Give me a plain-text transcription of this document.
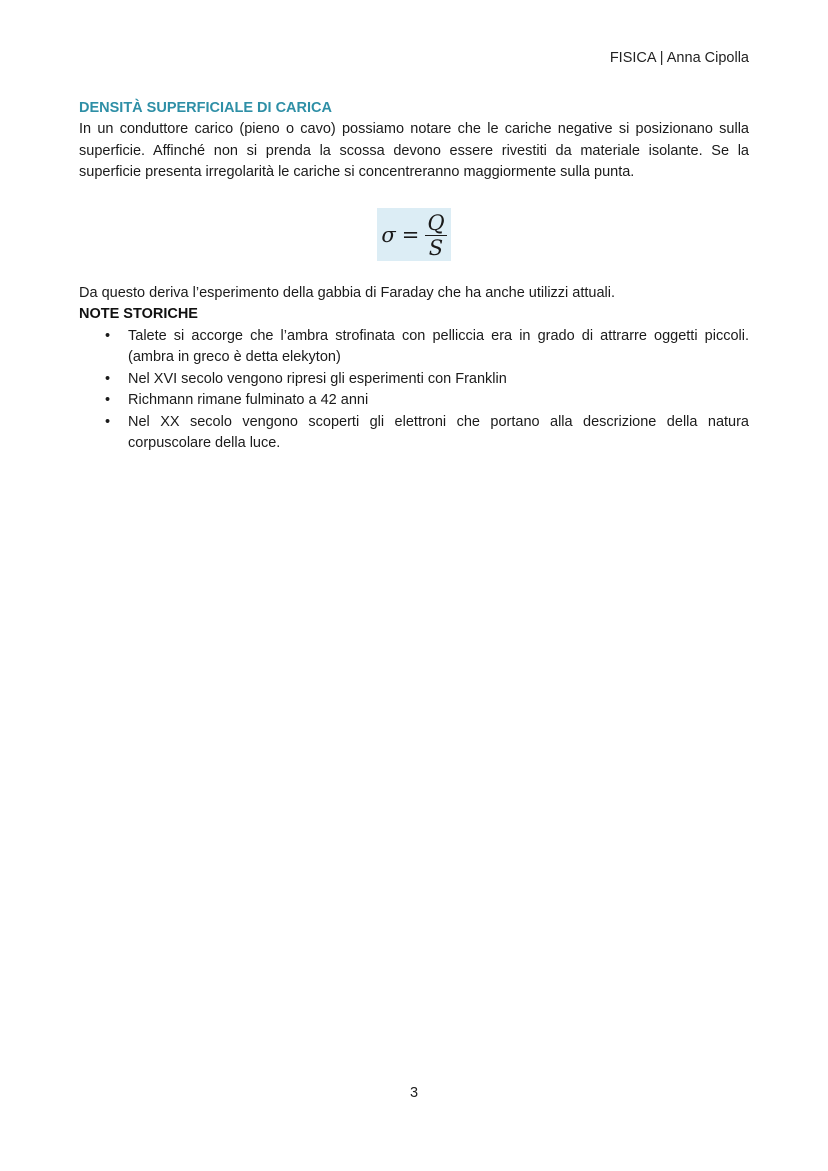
FISICA | Anna Cipolla
DENSITÀ SUPERFICIALE DI CARICA

In un conduttore carico (pieno o cavo) possiamo notare che le cariche negative si posizionano sulla superficie. Affinché non si prenda la scossa devono essere rivestiti da materiale isolante. Se la superficie presenta irregolarità le cariche si concentreranno maggiormente sulla punta.

$\sigma = \frac{Q}{S}$

Da questo deriva l’esperimento della gabbia di Faraday che ha anche utilizzi attuali.

NOTE STORICHE
• Talete si accorge che l’ambra strofinata con pelliccia era in grado di attrarre oggetti piccoli. (ambra in greco è detta elekyton)
• Nel XVI secolo vengono ripresi gli esperimenti con Franklin
• Richmann rimane fulminato a 42 anni
• Nel XX secolo vengono scoperti gli elettroni che portano alla descrizione della natura corpuscolare della luce.
3
